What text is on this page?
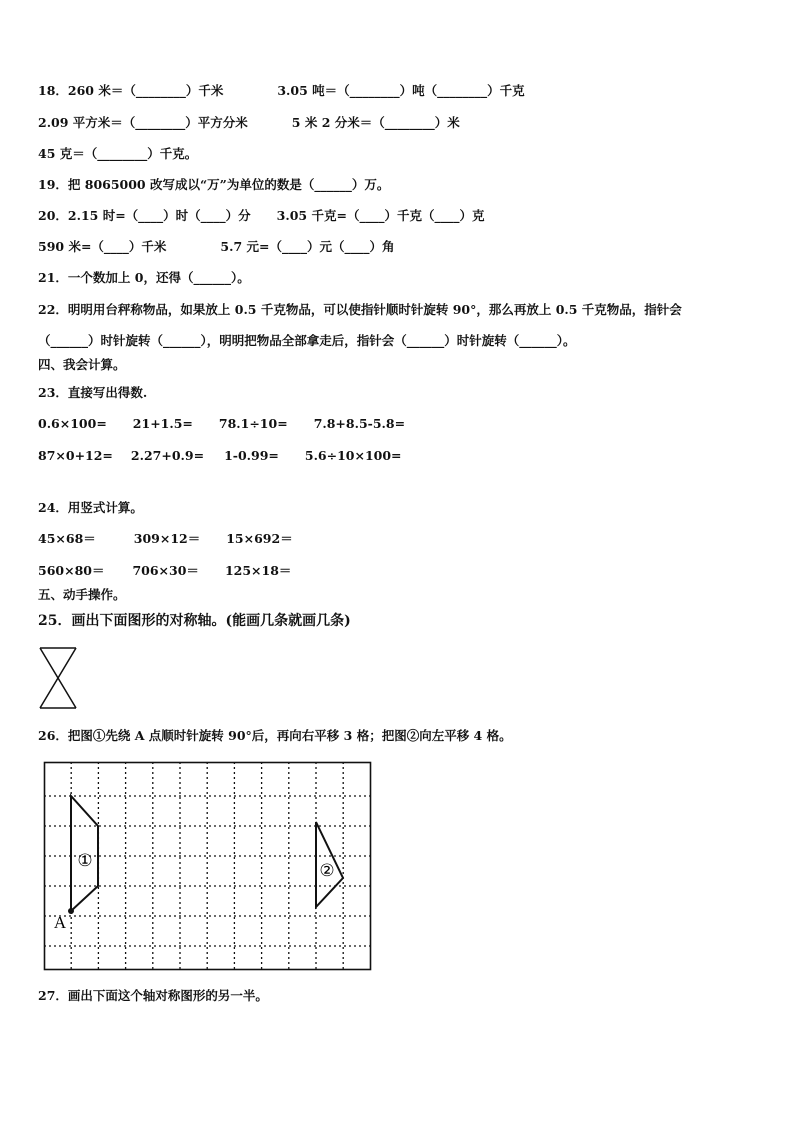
18．260 米＝（________）千米	3.05 吨＝（________）吨（________）千克
2.09 平方米＝（________）平方分米	5 米 2 分米＝（________）米
45 克＝（________）千克。
19．把 8065000 改写成以“万”为单位的数是（______）万。
20．2.15 时=（____）时（____）分 3.05 千克=（____）千克（____）克
590 米=（____）千米	5.7 元=（____）元（____）角
21．一个数加上 0，还得（______）。
22．明明用台秤称物品，如果放上 0.5 千克物品，可以使指针顺时针旋转 90°，那么再放上 0.5 千克物品，指针会
（______）时针旋转（______），明明把物品全部拿走后，指针会（______）时针旋转（______）。
四、我会计算。
23．直接写出得数.
0.6×100= 21+1.5= 78.1÷10= 7.8+8.5-5.8=
87×0+12= 2.27+0.9= 1-0.99= 5.6÷10×100=
24．用竖式计算。
45×68＝	309×12＝ 15×692＝
560×80＝ 706×30＝ 125×18＝
五、动手操作。
25．画出下面图形的对称轴。(能画几条就画几条)
26．把图①先绕 A 点顺时针旋转 90°后，再向右平移 3 格；把图②向左平移 4 格。
①	②
A
27．画出下面这个轴对称图形的另一半。
